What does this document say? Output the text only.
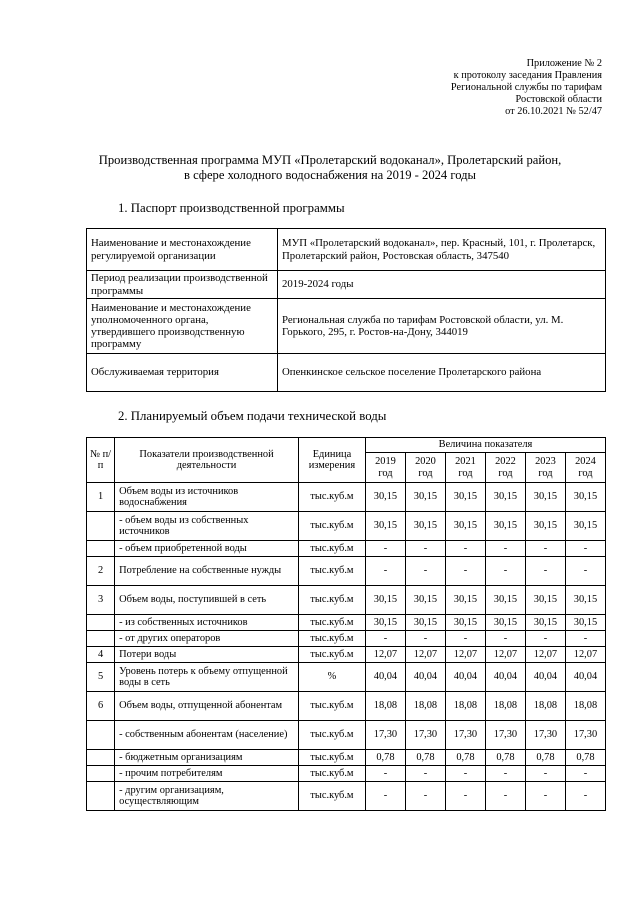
Приложение № 2
к протоколу заседания Правления
Региональной службы по тарифам
Ростовской области
от 26.10.2021 № 52/47
Производственная программа МУП «Пролетарский водоканал», Пролетарский район,
в сфере холодного водоснабжения на 2019 - 2024 годы
1. Паспорт производственной программы
Наименование и местонахождение регулируемой организации	МУП «Пролетарский водоканал», пер. Красный, 101, г. Пролетарск, Пролетарский район, Ростовская область, 347540
Период реализации производственной программы	2019-2024 годы
Наименование и местонахождение уполномоченного органа, утвердившего производственную программу	Региональная служба по тарифам Ростовской области, ул. М. Горького, 295, г. Ростов-на-Дону, 344019
Обслуживаемая территория	Опенкинское сельское поселение Пролетарского района
2. Планируемый объем подачи технической воды
№ п/п	Показатели производственной деятельности	Единица измерения	Величина показателя					
			2019 год	2020 год	2021 год	2022 год	2023 год	2024 год
1	Объем воды из источников водоснабжения	тыс.куб.м	30,15	30,15	30,15	30,15	30,15	30,15
	- объем воды из собственных источников	тыс.куб.м	30,15	30,15	30,15	30,15	30,15	30,15
	- объем приобретенной воды	тыс.куб.м	-	-	-	-	-	-
2	Потребление на собственные нужды	тыс.куб.м	-	-	-	-	-	-
3	Объем воды, поступившей в сеть	тыс.куб.м	30,15	30,15	30,15	30,15	30,15	30,15
	- из собственных источников	тыс.куб.м	30,15	30,15	30,15	30,15	30,15	30,15
	- от других операторов	тыс.куб.м	-	-	-	-	-	-
4	Потери воды	тыс.куб.м	12,07	12,07	12,07	12,07	12,07	12,07
5	Уровень потерь к объему отпущенной воды в сеть	%	40,04	40,04	40,04	40,04	40,04	40,04
6	Объем воды, отпущенной абонентам	тыс.куб.м	18,08	18,08	18,08	18,08	18,08	18,08
	- собственным абонентам (население)	тыс.куб.м	17,30	17,30	17,30	17,30	17,30	17,30
	- бюджетным организациям	тыс.куб.м	0,78	0,78	0,78	0,78	0,78	0,78
	- прочим потребителям	тыс.куб.м	-	-	-	-	-	-
	- другим организациям, осуществляющим	тыс.куб.м	-	-	-	-	-	-
